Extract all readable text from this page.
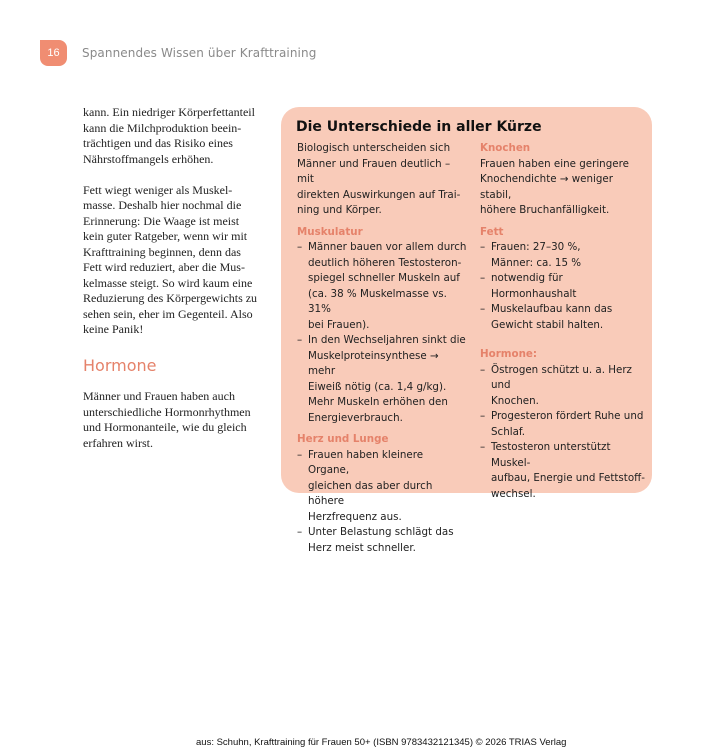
16 Spannendes Wissen über Krafttraining

kann. Ein niedriger Körperfettanteil
kann die Milchproduktion beein-
trächtigen und das Risiko eines
Nährstoffmangels erhöhen.

Fett wiegt weniger als Muskel-
masse. Deshalb hier nochmal die
Erinnerung: Die Waage ist meist
kein guter Ratgeber, wenn wir mit
Krafttraining beginnen, denn das
Fett wird reduziert, aber die Mus-
kelmasse steigt. So wird kaum eine
Reduzierung des Körpergewichts zu
sehen sein, eher im Gegenteil. Also
keine Panik!

Hormone

Männer und Frauen haben auch
unterschiedliche Hormonrhythmen
und Hormonanteile, wie du gleich
erfahren wirst.

Die Unterschiede in aller Kürze

Biologisch unterscheiden sich
Männer und Frauen deutlich – mit
direkten Auswirkungen auf Trai-
ning und Körper.

Muskulatur

– Männer bauen vor allem durch
deutlich höheren Testosteron-
spiegel schneller Muskeln auf
(ca. 38 % Muskelmasse vs. 31%
bei Frauen).
– In den Wechseljahren sinkt die
Muskelproteinsynthese → mehr
Eiweiß nötig (ca. 1,4 g/kg).
Mehr Muskeln erhöhen den
Energieverbrauch.

Herz und Lunge

– Frauen haben kleinere Organe,
gleichen das aber durch höhere
Herzfrequenz aus.
– Unter Belastung schlägt das
Herz meist schneller.

Knochen

Frauen haben eine geringere
Knochendichte → weniger stabil,
höhere Bruchanfälligkeit.

Fett

– Frauen: 27–30 %,
Männer: ca. 15 %
– notwendig für Hormonhaushalt
– Muskelaufbau kann das
Gewicht stabil halten.

Hormone:

– Östrogen schützt u. a. Herz und
Knochen.
– Progesteron fördert Ruhe und
Schlaf.
– Testosteron unterstützt Muskel-
aufbau, Energie und Fettstoff-
wechsel.
aus: Schuhn, Krafttraining für Frauen 50+ (ISBN 9783432121345) © 2026 TRIAS Verlag
